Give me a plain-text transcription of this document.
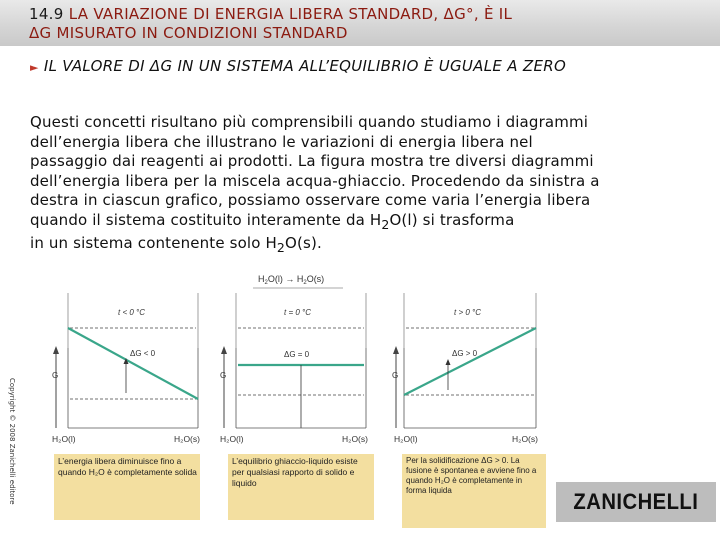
14.9 LA VARIAZIONE DI ENERGIA LIBERA STANDARD, ΔG°, È IL
ΔG MISURATO IN CONDIZIONI STANDARD
► IL VALORE DI ΔG IN UN SISTEMA ALL’EQUILIBRIO È UGUALE A ZERO
Questi concetti risultano più comprensibili quando studiamo i diagrammi
dell’energia libera che illustrano le variazioni di energia libera nel
passaggio dai reagenti ai prodotti. La figura mostra tre diversi diagrammi
dell’energia libera per la miscela acqua-ghiaccio. Procedendo da sinistra a
destra in ciascun grafico, possiamo osservare come varia l’energia libera
quando il sistema costituito interamente da $H_2O(l)$ si trasforma
in un sistema contenente solo $H_2O(s)$.
Copyright © 2008 Zanichelli editore
$H_2O(l) \to H_2O(s)$
G
t < 0 °C
ΔG < 0
H₂O(l)	H₂O(s)
L’energia libera diminuisce fino a quando H₂O è completamente solida
G
t = 0 °C
ΔG = 0
H₂O(l)	H₂O(s)
L’equilibrio ghiaccio-liquido esiste per qualsiasi rapporto di solido e liquido
G
t > 0 °C
ΔG > 0
H₂O(l)	H₂O(s)
Per la solidificazione ΔG > 0. La fusione è spontanea e avviene fino a quando H₂O è completamente in forma liquida	ZANICHELLI
